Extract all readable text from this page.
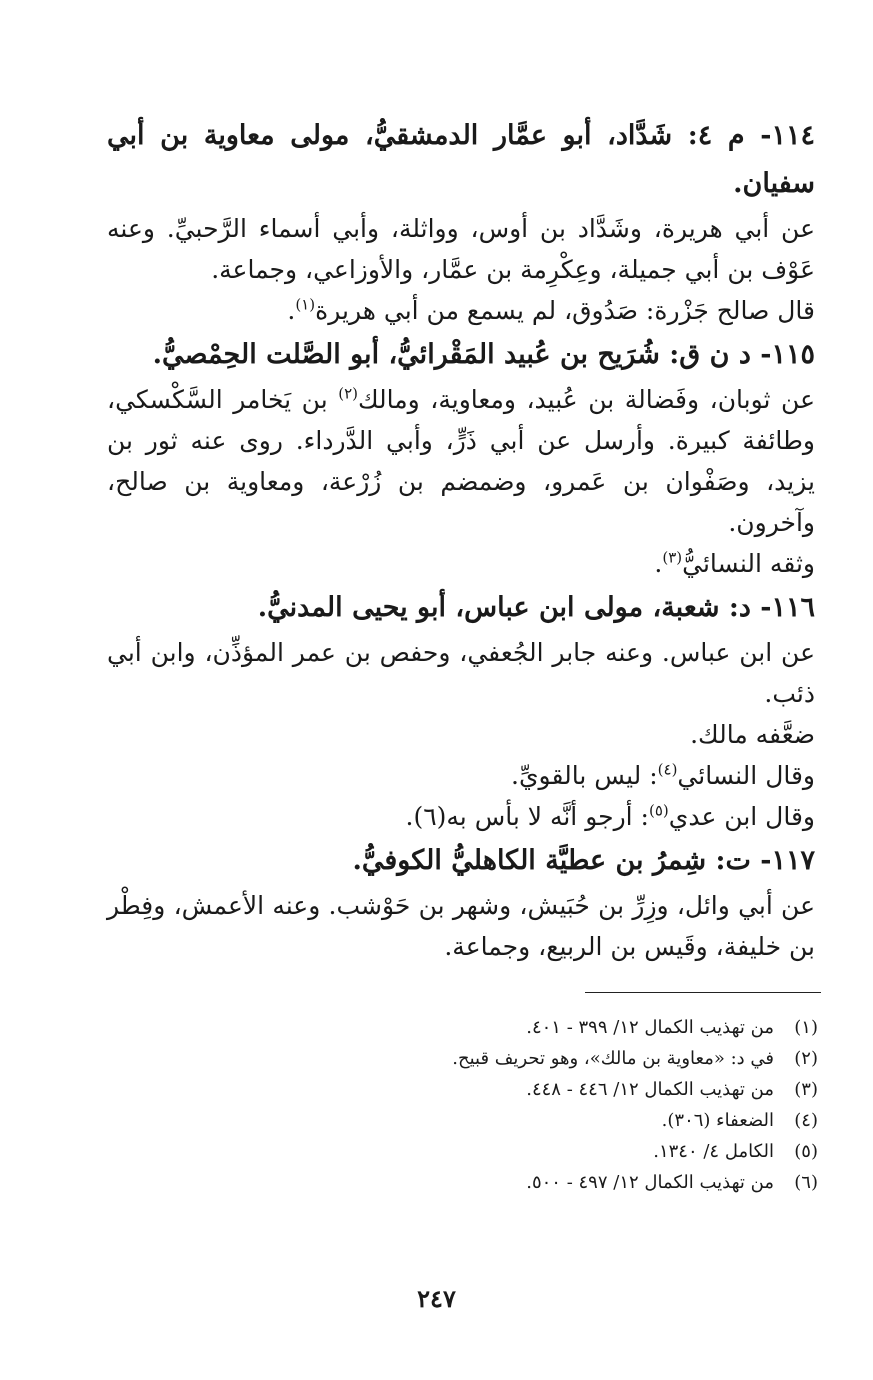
١١٤- م ٤: شَدَّاد، أبو عمَّار الدمشقيُّ، مولى معاوية بن أبي سفيان.

عن أبي هريرة، وشَدَّاد بن أوس، وواثلة، وأبي أسماء الرَّحبيِّ. وعنه عَوْف بن أبي جميلة، وعِكْرِمة بن عمَّار، والأوزاعي، وجماعة.

قال صالح جَزْرة: صَدُوق، لم يسمع من أبي هريرة$^{(١)}$.

١١٥- د ن ق: شُرَيح بن عُبيد المَقْرائيُّ، أبو الصَّلت الحِمْصيُّ.

عن ثوبان، وفَضالة بن عُبيد، ومعاوية، ومالك$^{(٢)}$ بن يَخامر السَّكْسكي، وطائفة كبيرة. وأرسل عن أبي ذَرٍّ، وأبي الدَّرداء. روى عنه ثور بن يزيد، وصَفْوان بن عَمرو، وضمضم بن زُرْعة، ومعاوية بن صالح، وآخرون.

وثقه النسائيُّ$^{(٣)}$.

١١٦- د: شعبة، مولى ابن عباس، أبو يحيى المدنيُّ.

عن ابن عباس. وعنه جابر الجُعفي، وحفص بن عمر المؤذِّن، وابن أبي ذئب.

ضعَّفه مالك.

وقال النسائي$^{(٤)}$: ليس بالقويِّ.

وقال ابن عدي$^{(٥)}$: أرجو أنَّه لا بأس به(٦).

١١٧- ت: شِمرُ بن عطيَّة الكاهليُّ الكوفيُّ.

عن أبي وائل، وزِرِّ بن حُبَيش، وشهر بن حَوْشب. وعنه الأعمش، وفِطْر بن خليفة، وقَيس بن الربيع، وجماعة.

(١)
من تهذيب الكمال ١٢/ ٣٩٩ - ٤٠١.
(٢)
في د: «معاوية بن مالك»، وهو تحريف قبيح.
(٣)
من تهذيب الكمال ١٢/ ٤٤٦ - ٤٤٨.
(٤)
الضعفاء (٣٠٦).
(٥)
الكامل ٤/ ١٣٤٠.
(٦)
من تهذيب الكمال ١٢/ ٤٩٧ - ٥٠٠.
٢٤٧
